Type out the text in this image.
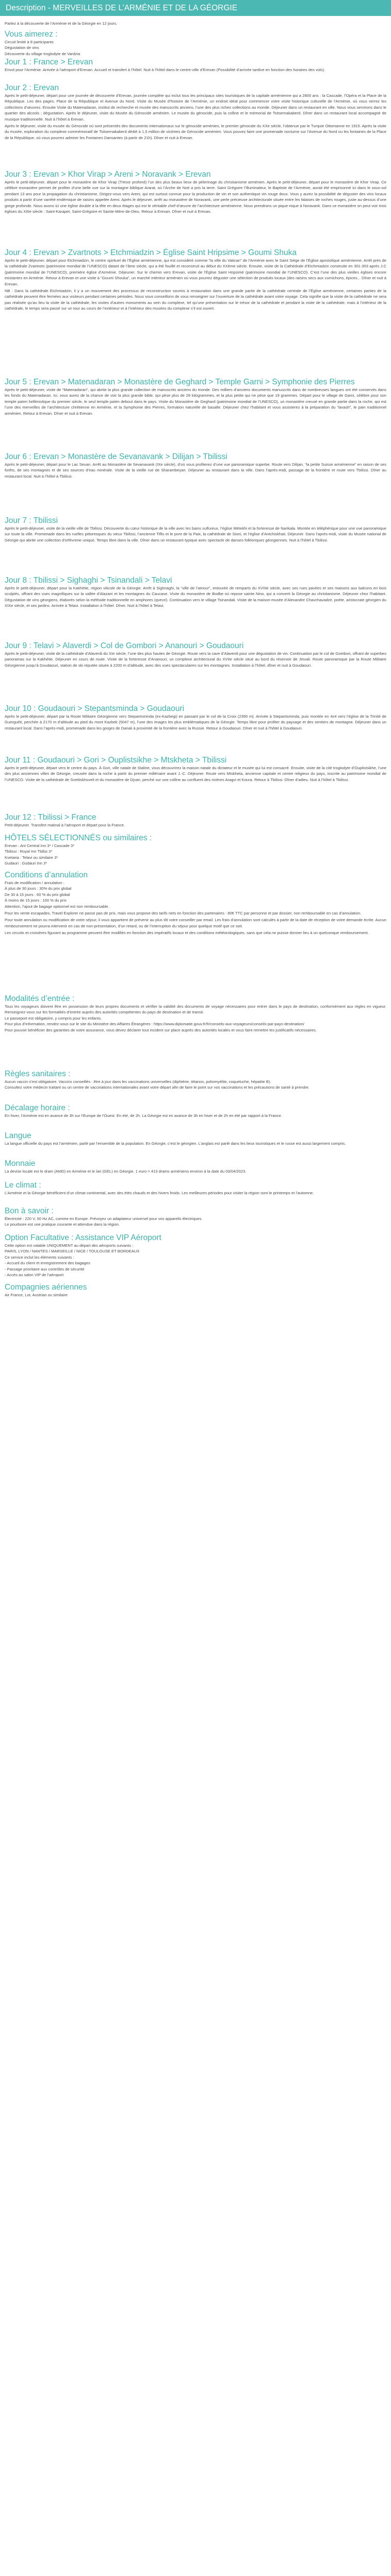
Description - MERVEILLES DE L’ARMÉNIE ET DE LA GÉORGIE

Partez à la découverte de l’Arménie et de la Géorgie en 12 jours.

Vous aimerez :

Circuit limité à 8 participants

Dégustation de vins

Découverte du village troglodyte de Vardzia

Jour 1 : France > Erevan

Envol pour l’Arménie. Arrivée à l’aéroport d’Erevan. Accueil et transfert à l’hôtel. Nuit à l’hôtel dans le centre-ville d’Erevan (Possibilité d’arrivée tardive en fonction des horaires des vols).

Jour 2 : Erevan

Après le petit-déjeuner, départ pour une journée de découverte d’Erevan, journée complète qui inclut tous les principaux sites touristiques de la capitale arménienne qui a 2800 ans : la Cascade, l’Opéra et la Place de la République. Les des pages. Place de la République et Avenue du Nord. Visite du Musée d’histoire de l’Arménie, un endroit idéal pour commencer votre visite historique culturelle de l’Arménie, où vous verrez les collections d’œuvres. Ensuite Visite du Matenadaran, institut de recherche et musée des manuscrits anciens, l’une des plus riches collections au monde. Déjeuner dans un restaurant en ville. Nous vous servirons dans le quartier des alcools ; dégustation. Après le déjeuner, visite du Musée du Génocide arménien. Le musée du génocide, puis la colline et le mémorial de Tsitsernakaberd. Dîner dans un restaurant local accompagné de musique traditionnelle. Nuit à l’hôtel à Erevan.

Après le déjeuner, visite du musée du Génocide où sont présentés des documents internationaux sur le génocide arménien, le premier génocide du XXe siècle, l’obtenue par le Turquie Ottomanne en 1915. Après la visite du musée, exploration du complexe commémoratif de Tsitsernakaberd dédié à 1,5 million de victimes de Génocide arménien. Vous pouvez faire une promenade nocturne sur l’Avenue du Nord ou les fontaines de la Place de la République, où vous pourrez admirer les Fontaines Dansantes (à partir de 21h). Dîner et nuit à Erevan.

Jour 3 : Erevan > Khor Virap > Areni > Noravank > Erevan

Après le petit-déjeuner, départ pour le monastère de Khor Virap (Trésor profond) l’un des plus beaux lieux de pèlerinage du christianisme arménien. Après le petit-déjeuner, départ pour le monastère de Khor Virap. Ce célèbre monastère permet de profiter d’une belle vue sur la montagne biblique Ararat, où l’Arche de Noé a pris la terre. Saint Grégoire l’Illuminateur, le Baptiste de l’Arménie, aurait été emprisonné ici dans le sous-sol pendant 13 ans pour la propagation du christianisme. Dirigez-vous vers Areni, qui est surtout connue pour la production de vin et son authentique vin rouge doux. Vous y aurez la possibilité de déguster des vins locaux produits à partir d’une variété endémique de raisins appelée Areni. Après le déjeuner, arrêt au monastère de Noravank, une perle précieuse architecturale située entre les falaises de roches rouges, juste au-dessus d’une gorge profonde. Nous avons ici une église double à la tête en deux étages qui est le véritable chef-d’œuvre de l’architecture arménienne. Nous prendrons un pique-nique à Noravank. Dans ce monastère on peut voir trois églises du XIIIe siècle : Saint-Karapet, Saint-Grégoire et Sainte-Mère-de-Dieu. Retour à Erevan. Dîner et nuit à Erevan.

Jour 4 : Erevan > Zvartnots > Etchmiadzin > Église Saint Hripsime > Goumi Shuka

Après le petit-déjeuner, départ pour Etchmiadzin, le centre spirituel de l’Église arménienne, qui est considéré comme “la ville du Vatican” de l’Arménie avec le Saint Siège de l’Église apostolique arménienne. Arrêt près de la cathédrale Zvartnots (patrimoine mondial de l’UNESCO) datant de l’âme siècle, qui a été fouillé et reconstruit au début du XXème siècle. Ensuite, visite de la Cathédrale d’Etchmiadzin construite en 301-303 après J.C (patrimoine mondial de l’UNESCO), première église d’Arménie. Déjeuner. Sur le chemin vers Erevan, visite de l’Église Saint Hripsimé (patrimoine mondial de l’UNESCO). C’est l’une des plus vieilles églises encore existantes en Arménie. Retour à Erevan et une visite à “Goumi Shouka”, un marché intérieur arménien où vous pourrez déguster une sélection de produits locaux (des raisins secs aux cornichons, épices... Dîner et nuit à Erevan.

NB : Dans la cathédrale Etchmiadzin, il y a un mouvement des processus de reconstruction soumis à restauration dans une grande partie de la cathédrale centrale de l’Église arménienne, certaines parties de la cathédrale peuvent être fermées aux visiteurs pendant certaines périodes. Nous vous conseillons de vous renseigner sur l’ouverture de la cathédrale avant votre voyage. Cela signifie que la visite de la cathédrale ne sera pas réalisée qu’au lieu la visite de la cathédrale, les visites d’autres monuments au sein du complexe, tel qu’une présentation sur le trésor de la cathédrale et pendant la visite de la cathédrale, mais à l’intérieur de la cathédrale, le temps sera passé sur un tour au cours de l’extérieur et à l’intérieur des musées du complexe s’il est ouvert.

Jour 5 : Erevan > Matenadaran > Monastère de Geghard > Temple Garni > Symphonie des Pierres

Après le petit-déjeuner, visite de “Matenadaran”, qui abrite la plus grande collection de manuscrits anciens du monde. Des milliers d’anciens documents manuscrits dans de nombreuses langues ont été conservés dans les fonds du Matenadaran. Ici, vous aurez de la chance de voir la plus grande bible, qui pèse plus de 28 kilogrammes, et la plus petite qui ne pèse que 19 grammes. Départ pour le village de Garni, célèbre pour son temple païen hellénistique du premier siècle, le seul temple païen debout dans le pays. Visite du Monastère de Geghard (patrimoine mondial de l’UNESCO), un monastère creusé en grande partie dans la roche, qui est l’une des merveilles de l’architecture chrétienne en Arménie, et la Symphonie des Pierres, formation naturelle de basalte. Déjeuner chez l’habitant et vous assisterez à la préparation du “lavash”, le pain traditionnel arménien. Retour à Erevan. Dîner et nuit à Erevan.

Jour 6 : Erevan > Monastère de Sevanavank > Dilijan > Tbilissi

Après le petit-déjeuner, départ pour le Lac Sevan. Arrêt au Monastère de Sevanavank (IXe siècle), d’où vous profiterez d’une vue panoramique superbe. Route vers Dilijan, “la petite Suisse arménienne” en raison de ses forêts, de ses montagnes et de ses sources d’eau minérale. Visite de la vieille rue de Sharambeyan. Déjeuner au restaurant dans la ville. Dans l’après-midi, passage de la frontière et route vers Tbilissi. Dîner au restaurant local. Nuit à l’hôtel à Tbilissi.

Jour 7 : Tbilissi

Après le petit-déjeuner, visite de la vieille ville de Tbilissi. Découverte du cœur historique de la ville avec les bains sulfureux, l’église Métekhi et la forteresse de Narikala. Montée en téléphérique pour une vue panoramique sur toute la ville. Promenade dans les ruelles pittoresques du vieux Tbilissi, l’ancienne Tiflis et le pont de la Paix, la cathédrale de Sioni, et l’église d’Antchiskhati. Déjeuner. Dans l’après-midi, visite du Musée national de Géorgie qui abrite une collection d’orfèvrerie unique. Temps libre dans la ville. Dîner dans un restaurant typique avec spectacle de danses folkloriques géorgiennes. Nuit à l’hôtel à Tbilissi.

Jour 8 : Tbilissi > Sighaghi > Tsinandali > Telavi

Après le petit-déjeuner, départ pour la Kakhétie, région viticole de la Géorgie. Arrêt à Sighnaghi, la “ville de l’amour”, entourée de remparts du XVIIIe siècle, avec ses rues pavées et ses maisons aux balcons en bois sculptés, offrant des vues magnifiques sur la vallée d’Alazani et les montagnes du Caucase. Visite du monastère de Bodbe où repose sainte Nino, qui a converti la Géorgie au christianisme. Déjeuner chez l’habitant. Dégustation de vins géorgiens, élaborés selon la méthode traditionnelle en amphores (qvevri). Continuation vers le village Tsinandali. Visite de la maison-musée d’Alexandre Chavchavadze, poète, aristocrate géorgien du XIXe siècle, et ses jardins. Arrivée à Telavi. Installation à l’hôtel. Dîner. Nuit à l’hôtel à Telavi.

Jour 9 : Telavi > Alaverdi > Col de Gombori > Ananouri > Goudaouri

Après le petit-déjeuner, visite de la cathédrale d’Alaverdi du XIe siècle, l’une des plus hautes de Géorgie. Route vers la cave d’Alaverdi pour une dégustation de vin. Continuation par le col de Gombori, offrant de superbes panoramas sur la Kakhétie. Déjeuner en cours de route. Visite de la forteresse d’Ananouri, un complexe architectural du XVIIe siècle situé au bord du réservoir de Jinvali. Route panoramique par la Route Militaire Géorgienne jusqu’à Goudaouri, station de ski réputée située à 2200 m d’altitude, avec des vues spectaculaires sur les montagnes. Installation à l’hôtel, dîner et nuit à Goudaouri.

Jour 10 : Goudaouri > Stepantsminda > Goudaouri

Après le petit-déjeuner, départ par la Route Militaire Géorgienne vers Stepantsminda (ex-Kazbegi) en passant par le col de la Croix (2395 m). Arrivée à Stepantsminda, puis montée en 4x4 vers l’église de la Trinité de Guerguéti, perchée à 2170 m d’altitude au pied du mont Kazbek (5047 m), l’une des images les plus emblématiques de la Géorgie. Temps libre pour profiter du paysage et des sentiers de montagne. Déjeuner dans un restaurant local. Dans l’après-midi, promenade dans les gorges de Dariali à proximité de la frontière avec la Russie. Retour à Goudaouri. Dîner et nuit à l’hôtel à Goudaouri.

Jour 11 : Goudaouri > Gori > Ouplistsikhe > Mtskheta > Tbilissi

Après le petit-déjeuner, départ vers le centre du pays. À Gori, ville natale de Staline, vous découvrirez la maison natale du dictateur et le musée qui lui est consacré. Ensuite, visite de la cité troglodyte d’Ouplistsikhe, l’une des plus anciennes villes de Géorgie, creusée dans la roche à partir du premier millénaire avant J.-C. Déjeuner. Route vers Mtskheta, ancienne capitale et centre religieux du pays, inscrite au patrimoine mondial de l’UNESCO. Visite de la cathédrale de Svetitskhoveli et du monastère de Djvari, perché sur une colline au confluent des rivières Aragvi et Koura. Retour à Tbilissi. Dîner d’adieu. Nuit à l’hôtel à Tbilissi.

Jour 12 : Tbilissi > France

Petit-déjeuner. Transfert matinal à l’aéroport et départ pour la France.

HÔTELS SÉLECTIONNÉS ou similaires :

Erevan : Ani Central Inn 3* / Cascade 3*

Tbilissi : Royal Inn Tbilisi 3*

Kvetaria : Telavi ou similaire 3*

Gudauri : Gudauri Inn 3*

Conditions d’annulation

Frais de modification / annulation :

À plus de 30 jours : 30% du prix global

De 30 à 15 jours : 60 % du prix global

À moins de 15 jours : 100 % du prix

Attention, l’ajout de bagage optionnel est non remboursable.

Pour les vente escapades, Travel Explorer ne passe pas de prix, mais vous propose des tarifs nets en fonction des partenaires : 80€ TTC par personne et par dossier, non remboursable en cas d’annulation.

Pour toute annulation ou modification de votre séjour, il vous appartient de prévenir au plus tôt votre conseiller par email. Les frais d’annulation sont calculés à partir de la date de réception de votre demande écrite. Aucun remboursement ne pourra intervenir en cas de non-présentation, d’un retard, ou de l’interruption du séjour pour quelque motif que ce soit.

Les circuits et croisières figurant au programme peuvent être modifiés en fonction des impératifs locaux et des conditions météorologiques, sans que cela ne puisse donner lieu à un quelconque remboursement.

Modalités d’entrée :

Tous les voyageurs doivent être en possession de leurs propres documents et vérifier la validité des documents de voyage nécessaires pour entrer dans le pays de destination, conformément aux règles en vigueur. Renseignez-vous sur les formalités d’entrée auprès des autorités compétentes du pays de destination et de transit.

Le passeport est obligatoire, y compris pour les enfants.

Pour plus d’information, rendez-vous sur le site du Ministère des Affaires Étrangères : https://www.diplomatie.gouv.fr/fr/conseils-aux-voyageurs/conseils-par-pays-destination/

Pour pouvoir bénéficier des garanties de votre assurance, vous devez déclarer tout incident sur place auprès des autorités locales et vous faire remettre les justificatifs nécessaires.

Règles sanitaires :

Aucun vaccin n’est obligatoire. Vaccins conseillés : être à jour dans les vaccinations universelles (diphtérie, tétanos, poliomyélite, coqueluche, hépatite B).

Consultez votre médecin traitant ou un centre de vaccinations internationales avant votre départ afin de faire le point sur vos vaccinations et les précautions de santé à prendre.

Décalage horaire :

En hiver, l’Arménie est en avance de 3h sur l’Europe de l’Ouest. En été, de 2h. La Géorgie est en avance de 3h en hiver et de 2h en été par rapport à la France.

Langue

La langue officielle du pays est l’arménien, parlé par l’ensemble de la population. En Géorgie, c’est le géorgien. L’anglais est parlé dans les lieux touristiques et le russe est aussi largement compris.

Monnaie

La devise locale est le dram (AMD) en Arménie et le lari (GEL) en Géorgie. 1 euro = 413 drams arméniens environ à la date du 03/04/2023.

Le climat :

L’Arménie et la Géorgie bénéficient d’un climat continental, avec des étés chauds et des hivers froids. Les meilleures périodes pour visiter la région sont le printemps et l’automne.

Bon à savoir :

Électricité : 220 V, 50 Hz AC, comme en Europe. Prévoyez un adaptateur universel pour vos appareils électriques.

Le pourboire est une pratique courante et attendue dans la région.

Option Facultative : Assistance VIP Aéroport

Cette option est valable UNIQUEMENT au départ des aéroports suivants :

PARIS, LYON / NANTES / MARSEILLE / NICE / TOULOUSE ET BORDEAUX

Ce service inclut les éléments suivants :

- Accueil du client et enregistrement des bagages

- Passage prioritaire aux contrôles de sécurité

- Accès au salon VIP de l’aéroport

Compagnies aériennes

Air France, Lot, Austrian ou similaire
